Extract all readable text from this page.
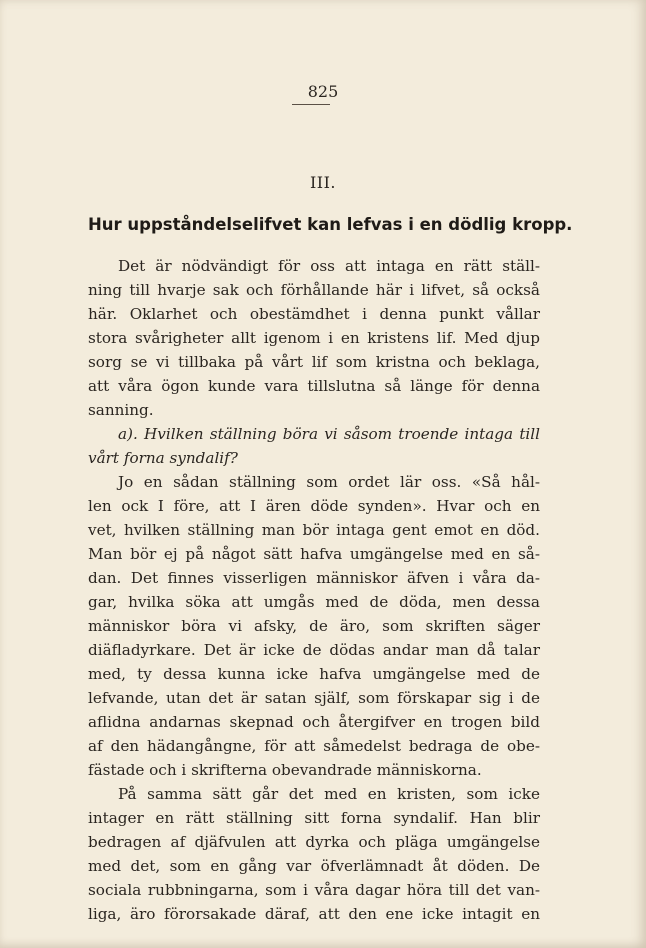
825
III.
Hur uppståndelselifvet kan lefvas i en dödlig kropp.
Det är nödvändigt för oss att intaga en rätt ställ-
ning till hvarje sak och förhållande här i lifvet, så också
här. Oklarhet och obestämdhet i denna punkt vållar
stora svårigheter allt igenom i en kristens lif. Med djup
sorg se vi tillbaka på vårt lif som kristna och beklaga,
att våra ögon kunde vara tillslutna så länge för denna
sanning.
a). Hvilken ställning böra vi såsom troende intaga till
vårt forna syndalif?
Jo en sådan ställning som ordet lär oss. «Så hål-
len ock I före, att I ären döde synden». Hvar och en
vet, hvilken ställning man bör intaga gent emot en död.
Man bör ej på något sätt hafva umgängelse med en så-
dan. Det finnes visserligen människor äfven i våra da-
gar, hvilka söka att umgås med de döda, men dessa
människor böra vi afsky, de äro, som skriften säger
diäfladyrkare. Det är icke de dödas andar man då talar
med, ty dessa kunna icke hafva umgängelse med de
lefvande, utan det är satan själf, som förskapar sig i de
aflidna andarnas skepnad och återgifver en trogen bild
af den hädangångne, för att såmedelst bedraga de obe-
fästade och i skrifterna obevandrade människorna.
På samma sätt går det med en kristen, som icke
intager en rätt ställning sitt forna syndalif. Han blir
bedragen af djäfvulen att dyrka och pläga umgängelse
med det, som en gång var öfverlämnadt åt döden. De
sociala rubbningarna, som i våra dagar höra till det van-
liga, äro förorsakade däraf, att den ene icke intagit en
